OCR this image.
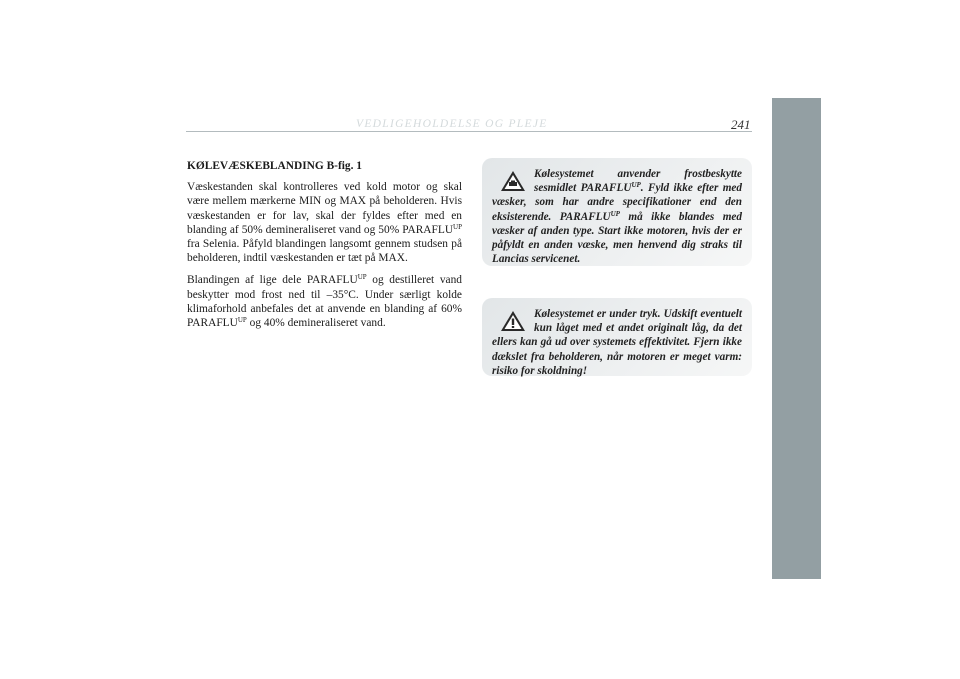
VEDLIGEHOLDELSE OG PLEJE	241
KØLEVÆSKEBLANDING B-fig. 1

Væskestanden skal kontrolleres ved kold motor og skal være mellem mærkerne MIN og MAX på beholderen. Hvis væskestanden er for lav, skal der fyldes efter med en blanding af 50% demineraliseret vand og 50% $PARAFLU^{UP}$ fra Selenia. Påfyld blandingen langsomt gennem studsen på beholderen, indtil væskestanden er tæt på MAX.

Blandingen af lige dele $PARAFLU^{UP}$ og destilleret vand beskytter mod frost ned til –35°C. Under særligt kolde klimaforhold anbefales det at anvende en blanding af 60% $PARAFLU^{UP}$ og 40% demineraliseret vand.

Kølesystemet anvender frostbeskytte sesmidlet $PARAFLU^{UP}$. Fyld ikke efter med væsker, som har andre specifikationer end den eksisterende. $PARAFLU^{UP}$ må ikke blandes med væsker af anden type. Start ikke motoren, hvis der er påfyldt en anden væske, men henvend dig straks til Lancias servicenet.
Kølesystemet er under tryk. Udskift eventuelt kun låget med et andet originalt låg, da det ellers kan gå ud over systemets effektivitet. Fjern ikke dækslet fra beholderen, når motoren er meget varm: risiko for skoldning!
